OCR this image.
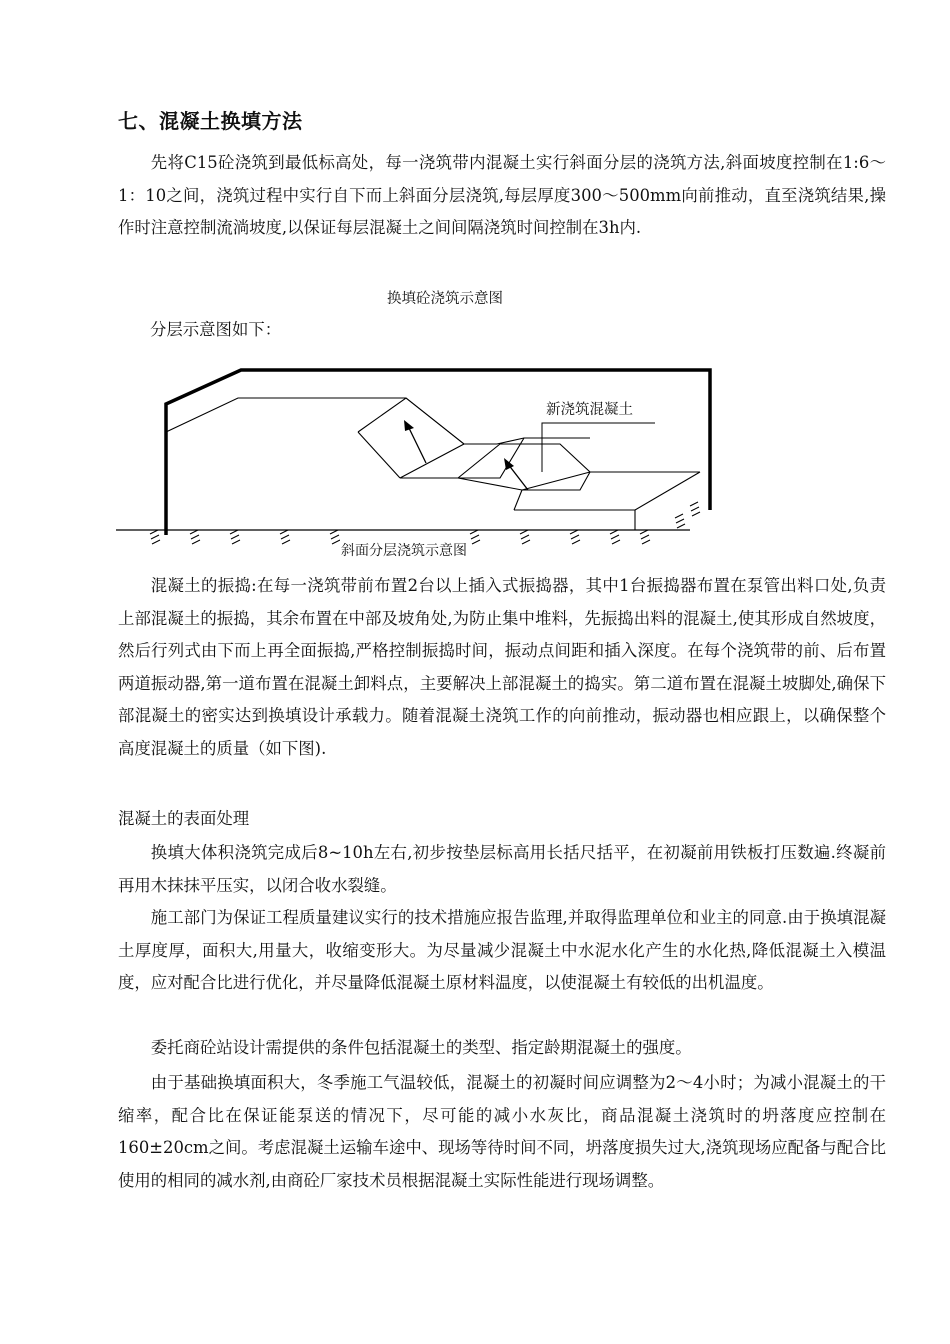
七、混凝土换填方法

先将C15砼浇筑到最低标高处，每一浇筑带内混凝土实行斜面分层的浇筑方法,斜面坡度控制在1:6～1：10之间，浇筑过程中实行自下而上斜面分层浇筑,每层厚度300～500mm向前推动，直至浇筑结果,操作时注意控制流淌坡度,以保证每层混凝土之间间隔浇筑时间控制在3h内.

换填砼浇筑示意图

分层示意图如下：

新浇筑混凝土
斜面分层浇筑示意图

混凝土的振捣:在每一浇筑带前布置2台以上插入式振捣器，其中1台振捣器布置在泵管出料口处,负责上部混凝土的振捣，其余布置在中部及坡角处,为防止集中堆料，先振捣出料的混凝土,使其形成自然坡度，然后行列式由下而上再全面振捣,严格控制振捣时间，振动点间距和插入深度。在每个浇筑带的前、后布置两道振动器,第一道布置在混凝土卸料点，主要解决上部混凝土的捣实。第二道布置在混凝土坡脚处,确保下部混凝土的密实达到换填设计承载力。随着混凝土浇筑工作的向前推动，振动器也相应跟上，以确保整个高度混凝土的质量（如下图).

混凝土的表面处理

换填大体积浇筑完成后8~10h左右,初步按垫层标高用长括尺括平，在初凝前用铁板打压数遍.终凝前再用木抹抹平压实，以闭合收水裂缝。

施工部门为保证工程质量建议实行的技术措施应报告监理,并取得监理单位和业主的同意.由于换填混凝土厚度厚，面积大,用量大，收缩变形大。为尽量减少混凝土中水泥水化产生的水化热,降低混凝土入模温度，应对配合比进行优化，并尽量降低混凝土原材料温度，以使混凝土有较低的出机温度。

委托商砼站设计需提供的条件包括混凝土的类型、指定龄期混凝土的强度。

由于基础换填面积大，冬季施工气温较低，混凝土的初凝时间应调整为2～4小时；为减小混凝土的干缩率，配合比在保证能泵送的情况下，尽可能的减小水灰比，商品混凝土浇筑时的坍落度应控制在160±20cm之间。考虑混凝土运输车途中、现场等待时间不同，坍落度损失过大,浇筑现场应配备与配合比使用的相同的减水剂,由商砼厂家技术员根据混凝土实际性能进行现场调整。
